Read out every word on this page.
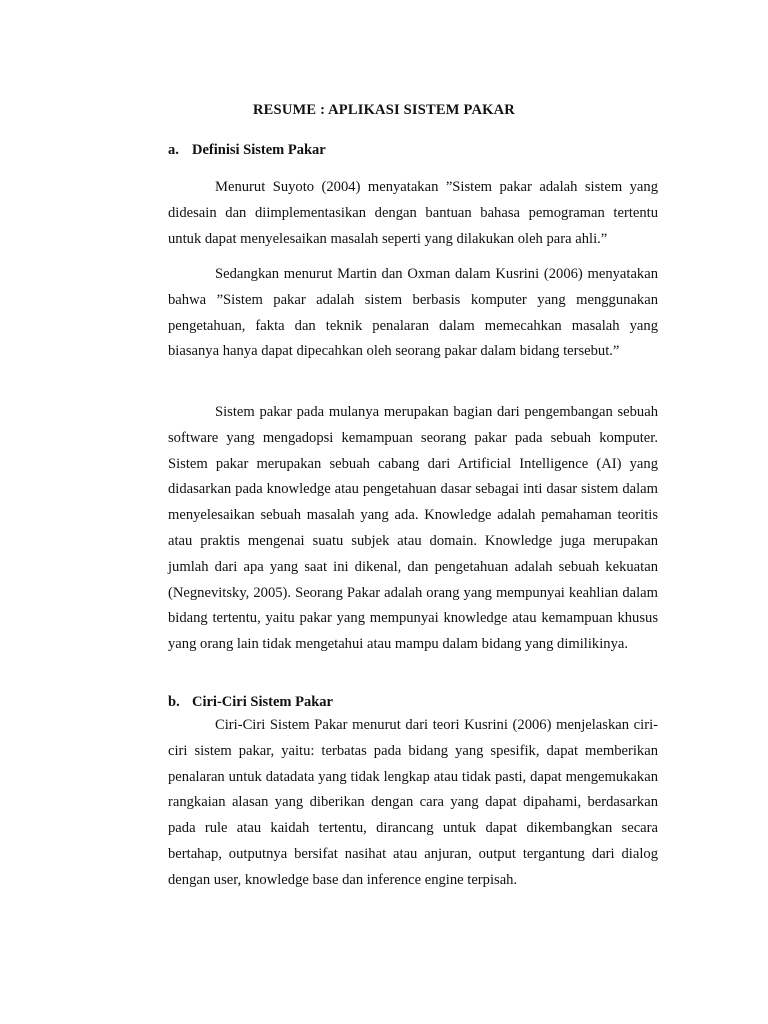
RESUME : APLIKASI SISTEM PAKAR
a. Definisi Sistem Pakar

Menurut Suyoto (2004) menyatakan ”Sistem pakar adalah sistem yang didesain dan diimplementasikan dengan bantuan bahasa pemograman tertentu untuk dapat menyelesaikan masalah seperti yang dilakukan oleh para ahli.”

Sedangkan menurut Martin dan Oxman dalam Kusrini (2006) menyatakan bahwa ”Sistem pakar adalah sistem berbasis komputer yang menggunakan pengetahuan, fakta dan teknik penalaran dalam memecahkan masalah yang biasanya hanya dapat dipecahkan oleh seorang pakar dalam bidang tersebut.”

Sistem pakar pada mulanya merupakan bagian dari pengembangan sebuah software yang mengadopsi kemampuan seorang pakar pada sebuah komputer. Sistem pakar merupakan sebuah cabang dari Artificial Intelligence (AI) yang didasarkan pada knowledge atau pengetahuan dasar sebagai inti dasar sistem dalam menyelesaikan sebuah masalah yang ada. Knowledge adalah pemahaman teoritis atau praktis mengenai suatu subjek atau domain. Knowledge juga merupakan jumlah dari apa yang saat ini dikenal, dan pengetahuan adalah sebuah kekuatan (Negnevitsky, 2005). Seorang Pakar adalah orang yang mempunyai keahlian dalam bidang tertentu, yaitu pakar yang mempunyai knowledge atau kemampuan khusus yang orang lain tidak mengetahui atau mampu dalam bidang yang dimilikinya.

b. Ciri-Ciri Sistem Pakar

Ciri-Ciri Sistem Pakar menurut dari teori Kusrini (2006) menjelaskan ciri-ciri sistem pakar, yaitu: terbatas pada bidang yang spesifik, dapat memberikan penalaran untuk datadata yang tidak lengkap atau tidak pasti, dapat mengemukakan rangkaian alasan yang diberikan dengan cara yang dapat dipahami, berdasarkan pada rule atau kaidah tertentu, dirancang untuk dapat dikembangkan secara bertahap, outputnya bersifat nasihat atau anjuran, output tergantung dari dialog dengan user, knowledge base dan inference engine terpisah.
